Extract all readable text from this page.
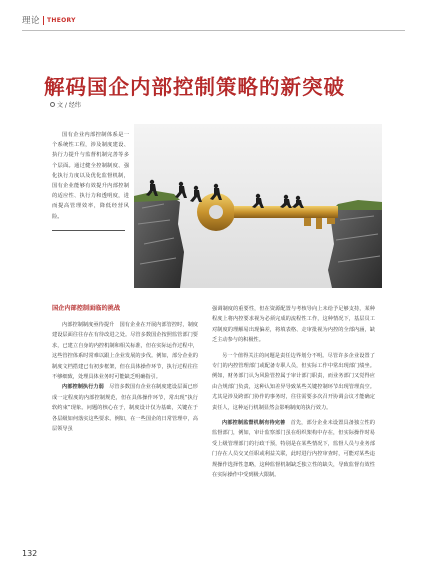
理论 THEORY
解码国企内部控制策略的新突破
文 / 经纬

国有企业内部控制体系是一个系统性工程，涉及制度建设、执行力提升与监督机制完善等多个层面。通过健全控制制度、强化执行力度以及优化监督机制，国有企业能够有效提升内部控制的适应性、执行力和透明度，进而提高管理效率，降低经营风险。

国企内部控制面临的挑战

内部控制制度亟待提升　国有企业在开展内部管控时，制度建设层面往往存在有待改进之处。尽管多数国企按照监管部门要求，已建立自身的内控机制和相关标准，但在实际运作过程中，这些管控体系时常难以跟上企业发展的步伐。例如，部分企业的制度文档搭建已有初步框架，但在具体操作环节，执行过程往往不够细致，处理具体业务时可能缺乏明确指引。

内部控制执行力弱　 尽管多数国有企业在制度建设层面已形成一定程度的内部控制规范，但在具体操作环节，常出现“执行软约束”现象。问题的核心在于，制度设计仅为基础，关键在于各层级如何落实这些要求。例如，在一些国企的日常管理中，高层领导虽

强调制度的重要性，但在资源配置与考核导向上未给予足够支持，某种程度上将内控要求视为必须完成的流程性工作，这种情况下，基层员工对制度的理解易出现偏差，将填表格、走审批视为内控的全部内涵，缺乏主动参与的积极性。

另一个值得关注的问题是责任边界划分不明。尽管许多企业设置了专门的内控管理部门或配备专职人员，但实际工作中常出现部门绩坐。例如，财务部门认为风险管控属于审计部门职责，而业务部门又觉得应由合规部门负责，这种认知差异导致某些关键控制环节出现管理真空。尤其是涉及跨部门协作的事务时，往往需要多次召开协调会议才能确定责任人，这种运行机制显然会影响制度的执行效力。

内部控制监督机制有待完善　 首先，部分企业未设置具备独立性的监督部门，例如，审计监察部门虽在组织架构中存在，但实际操作时易受上级管理部门的行政干预，特别是在某些情况下，监督人员与业务部门存在人员交叉任职或利益关联，此时进行内控审查时，可能对某些违规操作选择性忽略，这种监督机制缺乏独立性的缺失，导致监督有效性在实际操作中受到极大限制。

132
